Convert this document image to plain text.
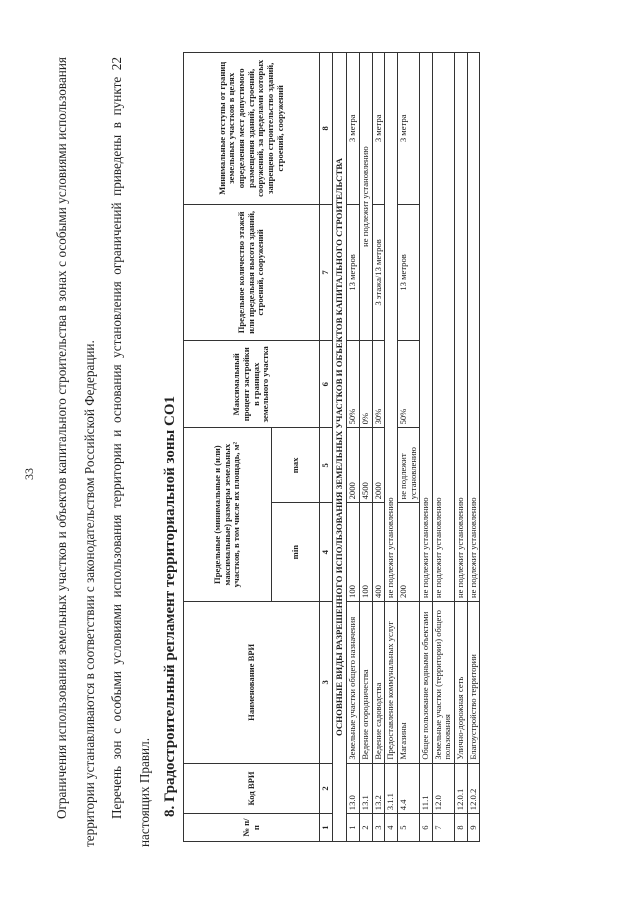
33	Ограничения использования земельных участков и объектов капитального строительства в зонах с особыми условиями использования территории устанавливаются в соответствии с законодательством Российской Федерации. Перечень зон с особыми условиями использования территории и основания установления ограничений приведены в пункте 22 настоящих Правил. 8. Градостроительный регламент территориальной зоны СО1
№ п/п	Код ВРИ	Наименование ВРИ	Предельные (минимальные и (или) максимальные) размеры земельных участков, в том числе их площадь, м²		Максимальный процент застройки в границах земельного участка	Предельное количество этажей или предельная высота зданий, строений, сооружений	Минимальные отступы от границ земельных участков в целях определения мест допустимого размещения зданий, строений, сооружений, за пределами которых запрещено строительство зданий, строений, сооружений
			min	max			
1	2	3	4	5	6	7	8
ОСНОВНЫЕ ВИДЫ РАЗРЕШЕННОГО ИСПОЛЬЗОВАНИЯ ЗЕМЕЛЬНЫХ УЧАСТКОВ И ОБЪЕКТОВ КАПИТАЛЬНОГО СТРОИТЕЛЬСТВА							
1	13.0	Земельные участки общего назначения	100	2000	50%	13 метров	3 метра
2	13.1	Ведение огородничества	100	4500	0%	не подлежит установлению	
3	13.2	Ведение садоводства	400	2000	30%	3 этажа/13 метров	3 метра
4	3.1.1	Предоставление коммунальных услуг	не подлежит установлению				
5	4.4	Магазины	200	не подлежит установлению	50%	13 метров	3 метра
6	11.1	Общее пользование водными объектами	не подлежит установлению				
7	12.0	Земельные участки (территории) общего пользования	не подлежит установлению				
8	12.0.1	Улично-дорожная сеть	не подлежит установлению				
9	12.0.2	Благоустройство территории	не подлежит установлению				
